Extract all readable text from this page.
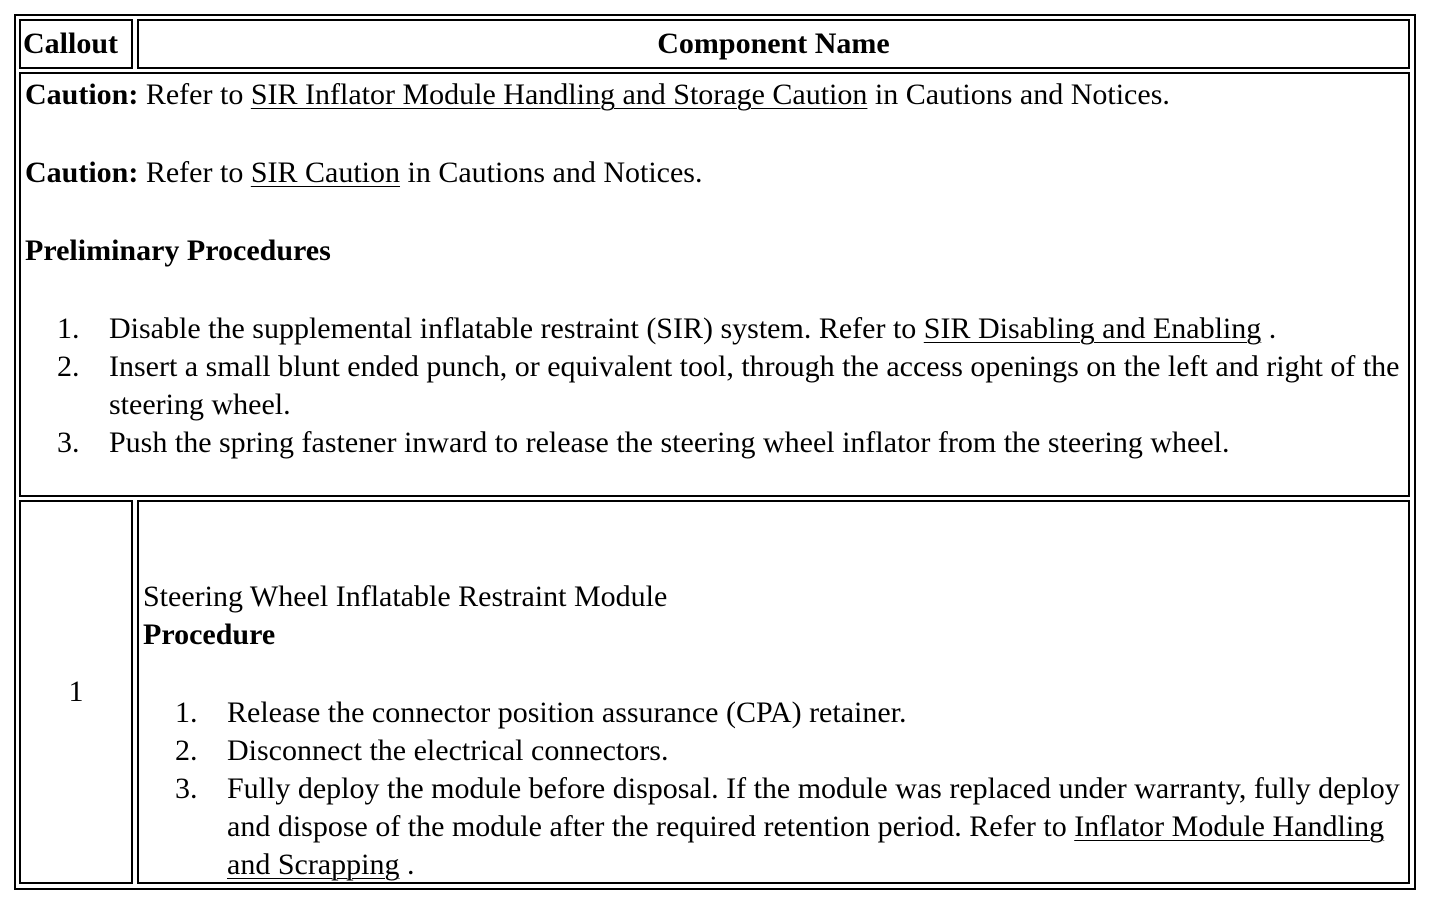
Callout	Component Name

Caution: Refer to SIR Inflator Module Handling and Storage Caution in Cautions and Notices.

Caution: Refer to SIR Caution in Cautions and Notices.

Preliminary Procedures

1. Disable the supplemental inflatable restraint (SIR) system. Refer to SIR Disabling and Enabling .
2. Insert a small blunt ended punch, or equivalent tool, through the access openings on the left and right of the steering wheel.
3. Push the spring fastener inward to release the steering wheel inflator from the steering wheel.
1

Steering Wheel Inflatable Restraint Module

Procedure

1. Release the connector position assurance (CPA) retainer.
2. Disconnect the electrical connectors.
3. Fully deploy the module before disposal. If the module was replaced under warranty, fully deploy and dispose of the module after the required retention period. Refer to Inflator Module Handling and Scrapping .
